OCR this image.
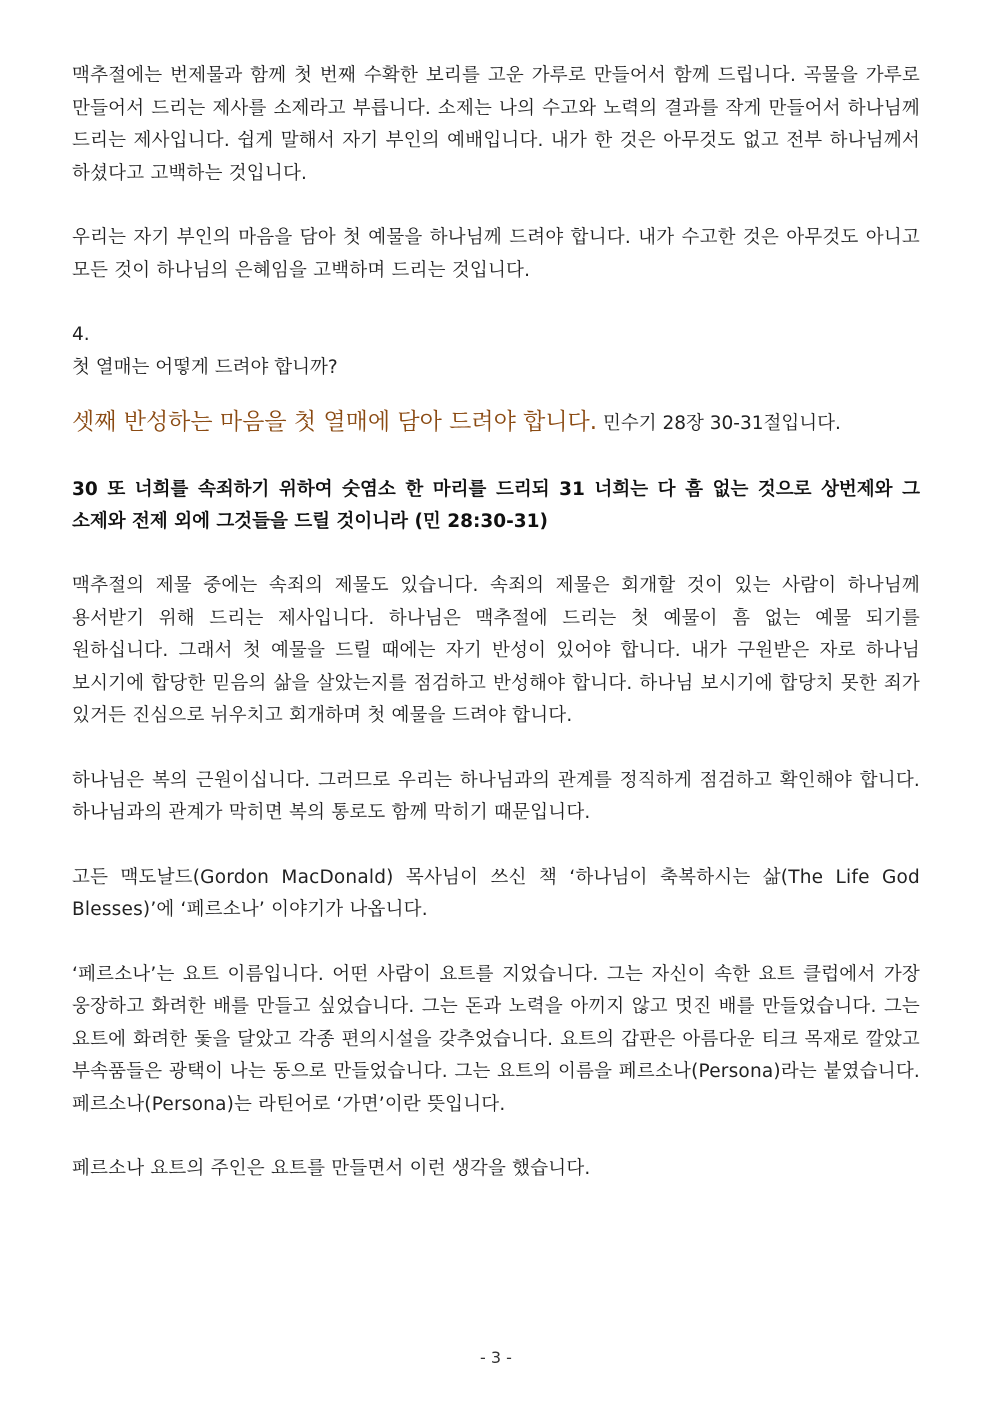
맥추절에는 번제물과 함께 첫 번째 수확한 보리를 고운 가루로 만들어서 함께 드립니다. 곡물을 가루로 만들어서 드리는 제사를 소제라고 부릅니다. 소제는 나의 수고와 노력의 결과를 작게 만들어서 하나님께 드리는 제사입니다. 쉽게 말해서 자기 부인의 예배입니다. 내가 한 것은 아무것도 없고 전부 하나님께서 하셨다고 고백하는 것입니다.

우리는 자기 부인의 마음을 담아 첫 예물을 하나님께 드려야 합니다. 내가 수고한 것은 아무것도 아니고 모든 것이 하나님의 은혜임을 고백하며 드리는 것입니다.

4.

첫 열매는 어떻게 드려야 합니까?

셋째 반성하는 마음을 첫 열매에 담아 드려야 합니다. 민수기 28장 30-31절입니다.

30 또 너희를 속죄하기 위하여 숫염소 한 마리를 드리되 31 너희는 다 흠 없는 것으로 상번제와 그 소제와 전제 외에 그것들을 드릴 것이니라 (민 28:30-31)

맥추절의 제물 중에는 속죄의 제물도 있습니다. 속죄의 제물은 회개할 것이 있는 사람이 하나님께 용서받기 위해 드리는 제사입니다. 하나님은 맥추절에 드리는 첫 예물이 흠 없는 예물 되기를 원하십니다. 그래서 첫 예물을 드릴 때에는 자기 반성이 있어야 합니다. 내가 구원받은 자로 하나님 보시기에 합당한 믿음의 삶을 살았는지를 점검하고 반성해야 합니다. 하나님 보시기에 합당치 못한 죄가 있거든 진심으로 뉘우치고 회개하며 첫 예물을 드려야 합니다.

하나님은 복의 근원이십니다. 그러므로 우리는 하나님과의 관계를 정직하게 점검하고 확인해야 합니다. 하나님과의 관계가 막히면 복의 통로도 함께 막히기 때문입니다.

고든 맥도날드(Gordon MacDonald) 목사님이 쓰신 책 ‘하나님이 축복하시는 삶(The Life God Blesses)’에 ‘페르소나’ 이야기가 나옵니다.

‘페르소나’는 요트 이름입니다. 어떤 사람이 요트를 지었습니다. 그는 자신이 속한 요트 클럽에서 가장 웅장하고 화려한 배를 만들고 싶었습니다. 그는 돈과 노력을 아끼지 않고 멋진 배를 만들었습니다. 그는 요트에 화려한 돛을 달았고 각종 편의시설을 갖추었습니다. 요트의 갑판은 아름다운 티크 목재로 깔았고 부속품들은 광택이 나는 동으로 만들었습니다. 그는 요트의 이름을 페르소나(Persona)라는 붙였습니다. 페르소나(Persona)는 라틴어로 ‘가면’이란 뜻입니다.

페르소나 요트의 주인은 요트를 만들면서 이런 생각을 했습니다.

- 3 -
